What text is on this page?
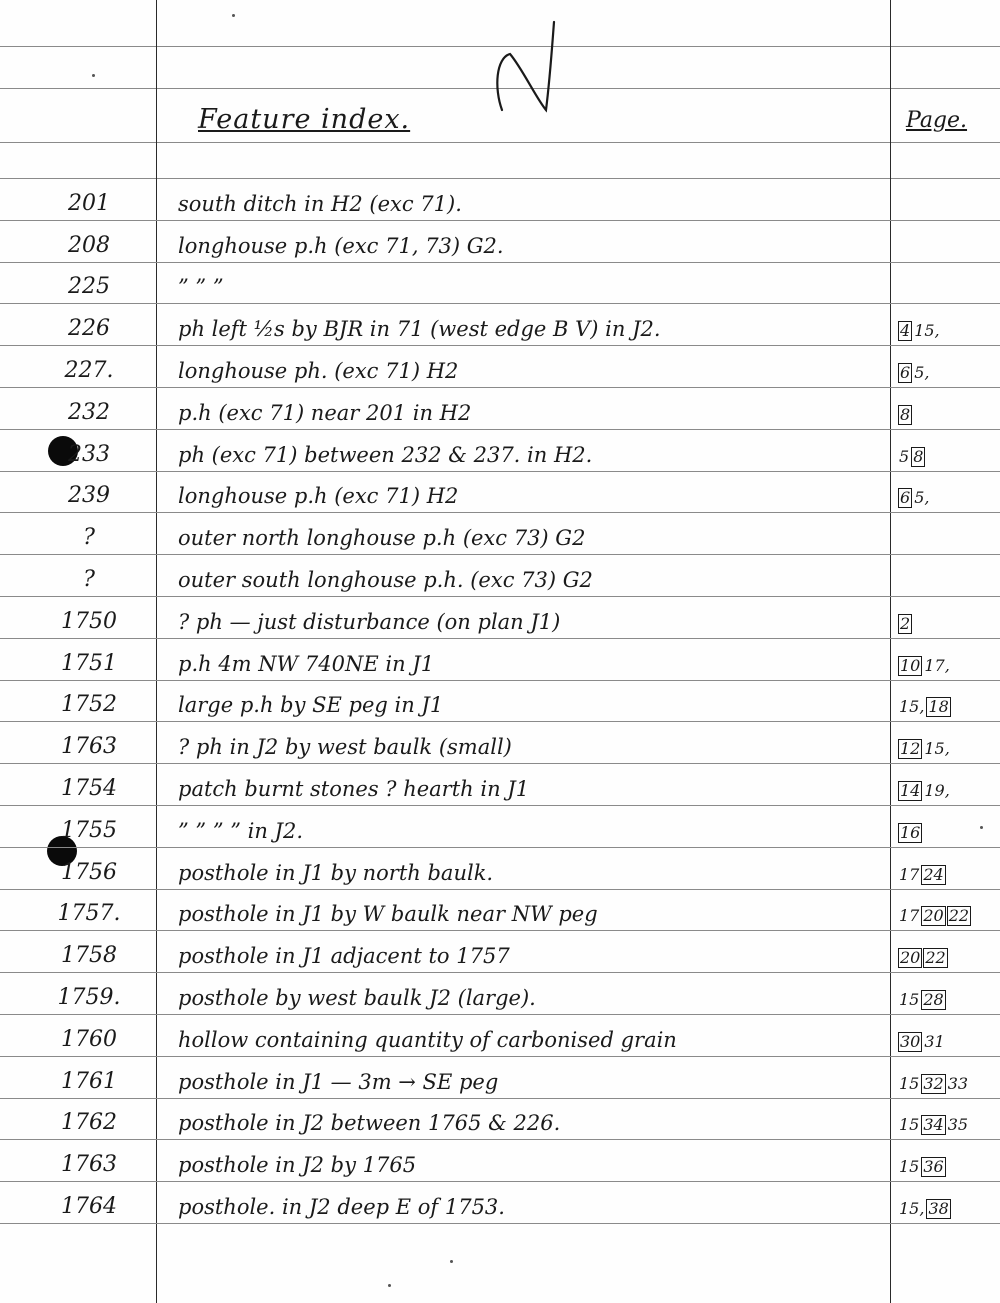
Feature index.	Page.
201	south ditch in H2 (exc 71).
208	longhouse p.h (exc 71, 73) G2.
225	” ” ”
226	ph left ½s by BJR in 71 (west edge B V) in J2.	4 15,
227.	longhouse ph. (exc 71) H2	6 5,
232	p.h (exc 71) near 201 in H2	8
233	ph (exc 71) between 232 & 237. in H2.	5 8
239	longhouse p.h (exc 71) H2	6 5,
?	outer north longhouse p.h (exc 73) G2
?	outer south longhouse p.h. (exc 73) G2
1750	? ph — just disturbance (on plan J1)	2
1751	p.h 4m NW 740NE in J1	10 17,
1752	large p.h by SE peg in J1	15, 18
1763	? ph in J2 by west baulk (small)	12 15,
1754	patch burnt stones ? hearth in J1	14 19,
1755	” ” ” ” in J2.	16
1756	posthole in J1 by north baulk.	17 24
1757.	posthole in J1 by W baulk near NW peg	17 20 22
1758	posthole in J1 adjacent to 1757	20 22
1759.	posthole by west baulk J2 (large).	15 28
1760	hollow containing quantity of carbonised grain	30 31
1761	posthole in J1 — 3m → SE peg	15 32 33
1762	posthole in J2 between 1765 & 226.	15 34 35
1763	posthole in J2 by 1765	15 36
1764	posthole. in J2 deep E of 1753.	15, 38
